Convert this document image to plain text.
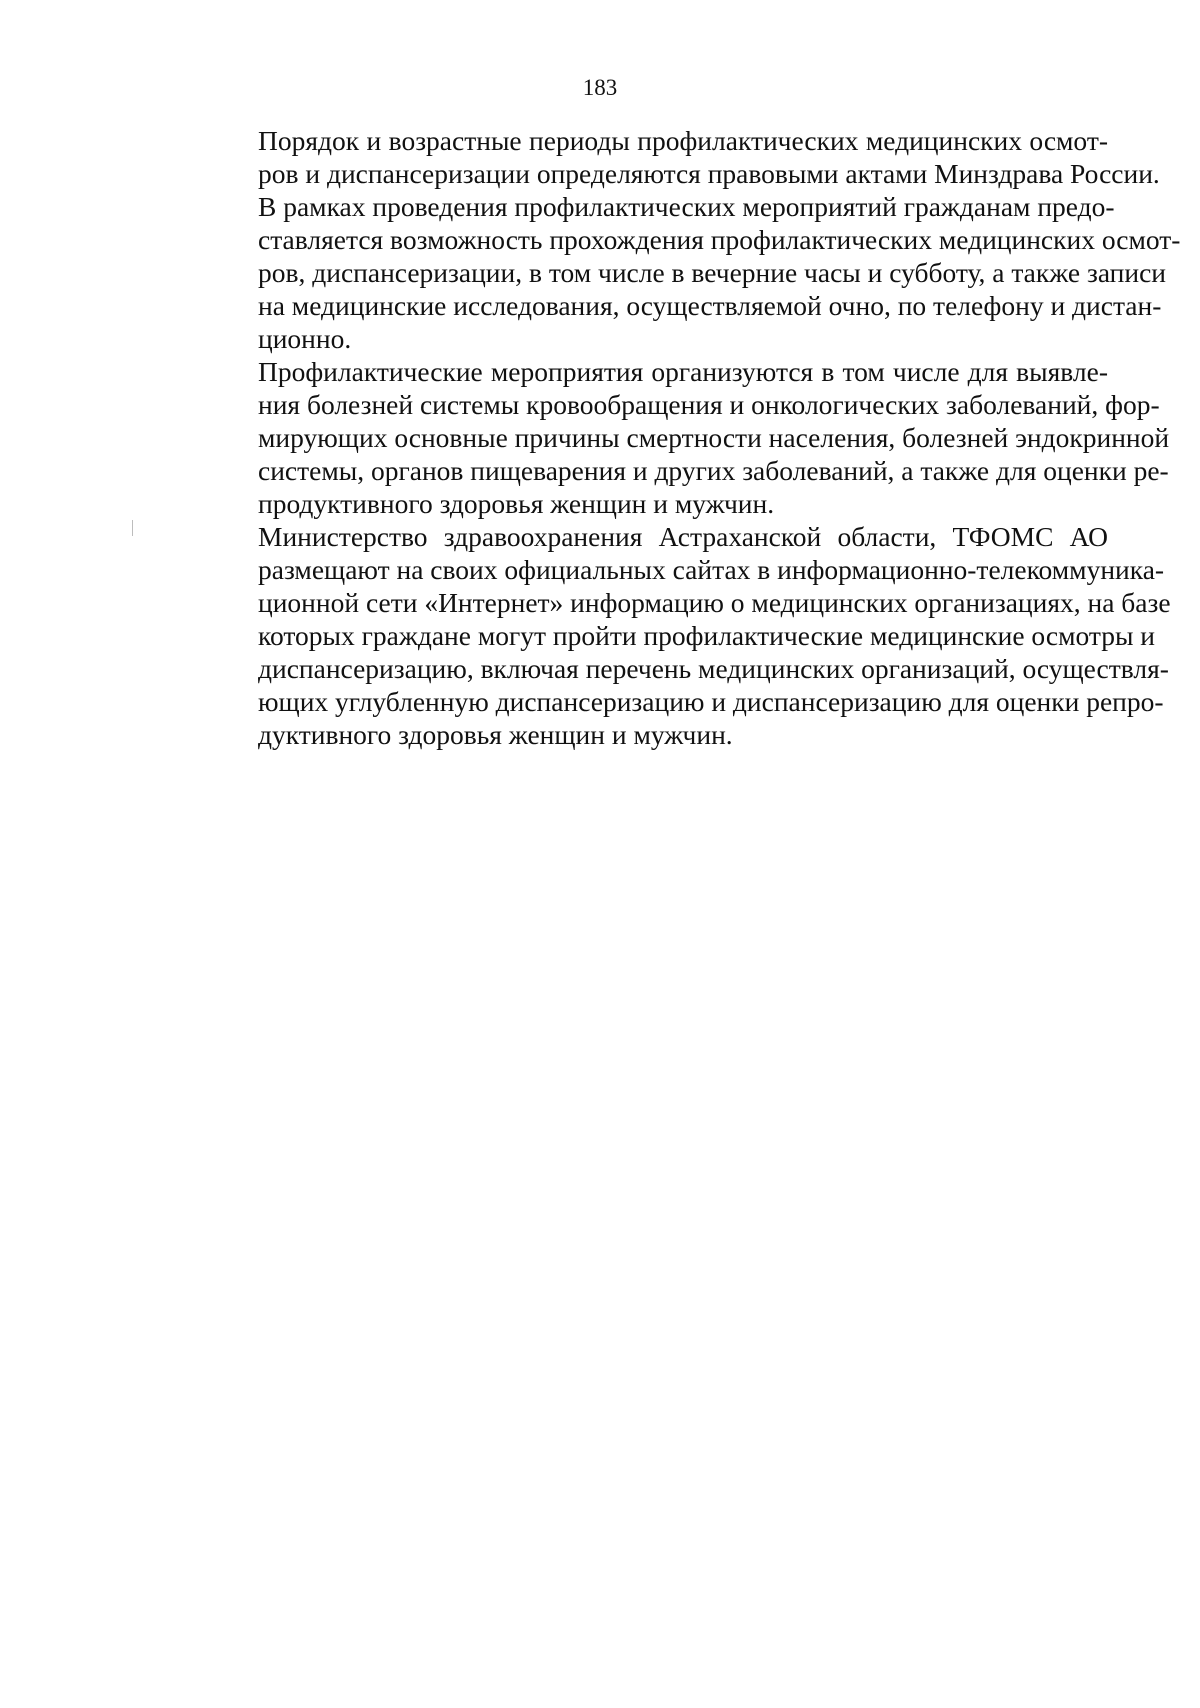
183

Порядок и возрастные периоды профилактических медицинских осмот-
ров и диспансеризации определяются правовыми актами Минздрава России.

В рамках проведения профилактических мероприятий гражданам предо-
ставляется возможность прохождения профилактических медицинских осмот-
ров, диспансеризации, в том числе в вечерние часы и субботу, а также записи
на медицинские исследования, осуществляемой очно, по телефону и дистан-
ционно.

Профилактические мероприятия организуются в том числе для выявле-
ния болезней системы кровообращения и онкологических заболеваний, фор-
мирующих основные причины смертности населения, болезней эндокринной
системы, органов пищеварения и других заболеваний, а также для оценки ре-
продуктивного здоровья женщин и мужчин.

Министерство здравоохранения Астраханской области, ТФОМС АО
размещают на своих официальных сайтах в информационно-телекоммуника-
ционной сети «Интернет» информацию о медицинских организациях, на базе
которых граждане могут пройти профилактические медицинские осмотры и
диспансеризацию, включая перечень медицинских организаций, осуществля-
ющих углубленную диспансеризацию и диспансеризацию для оценки репро-
дуктивного здоровья женщин и мужчин.
